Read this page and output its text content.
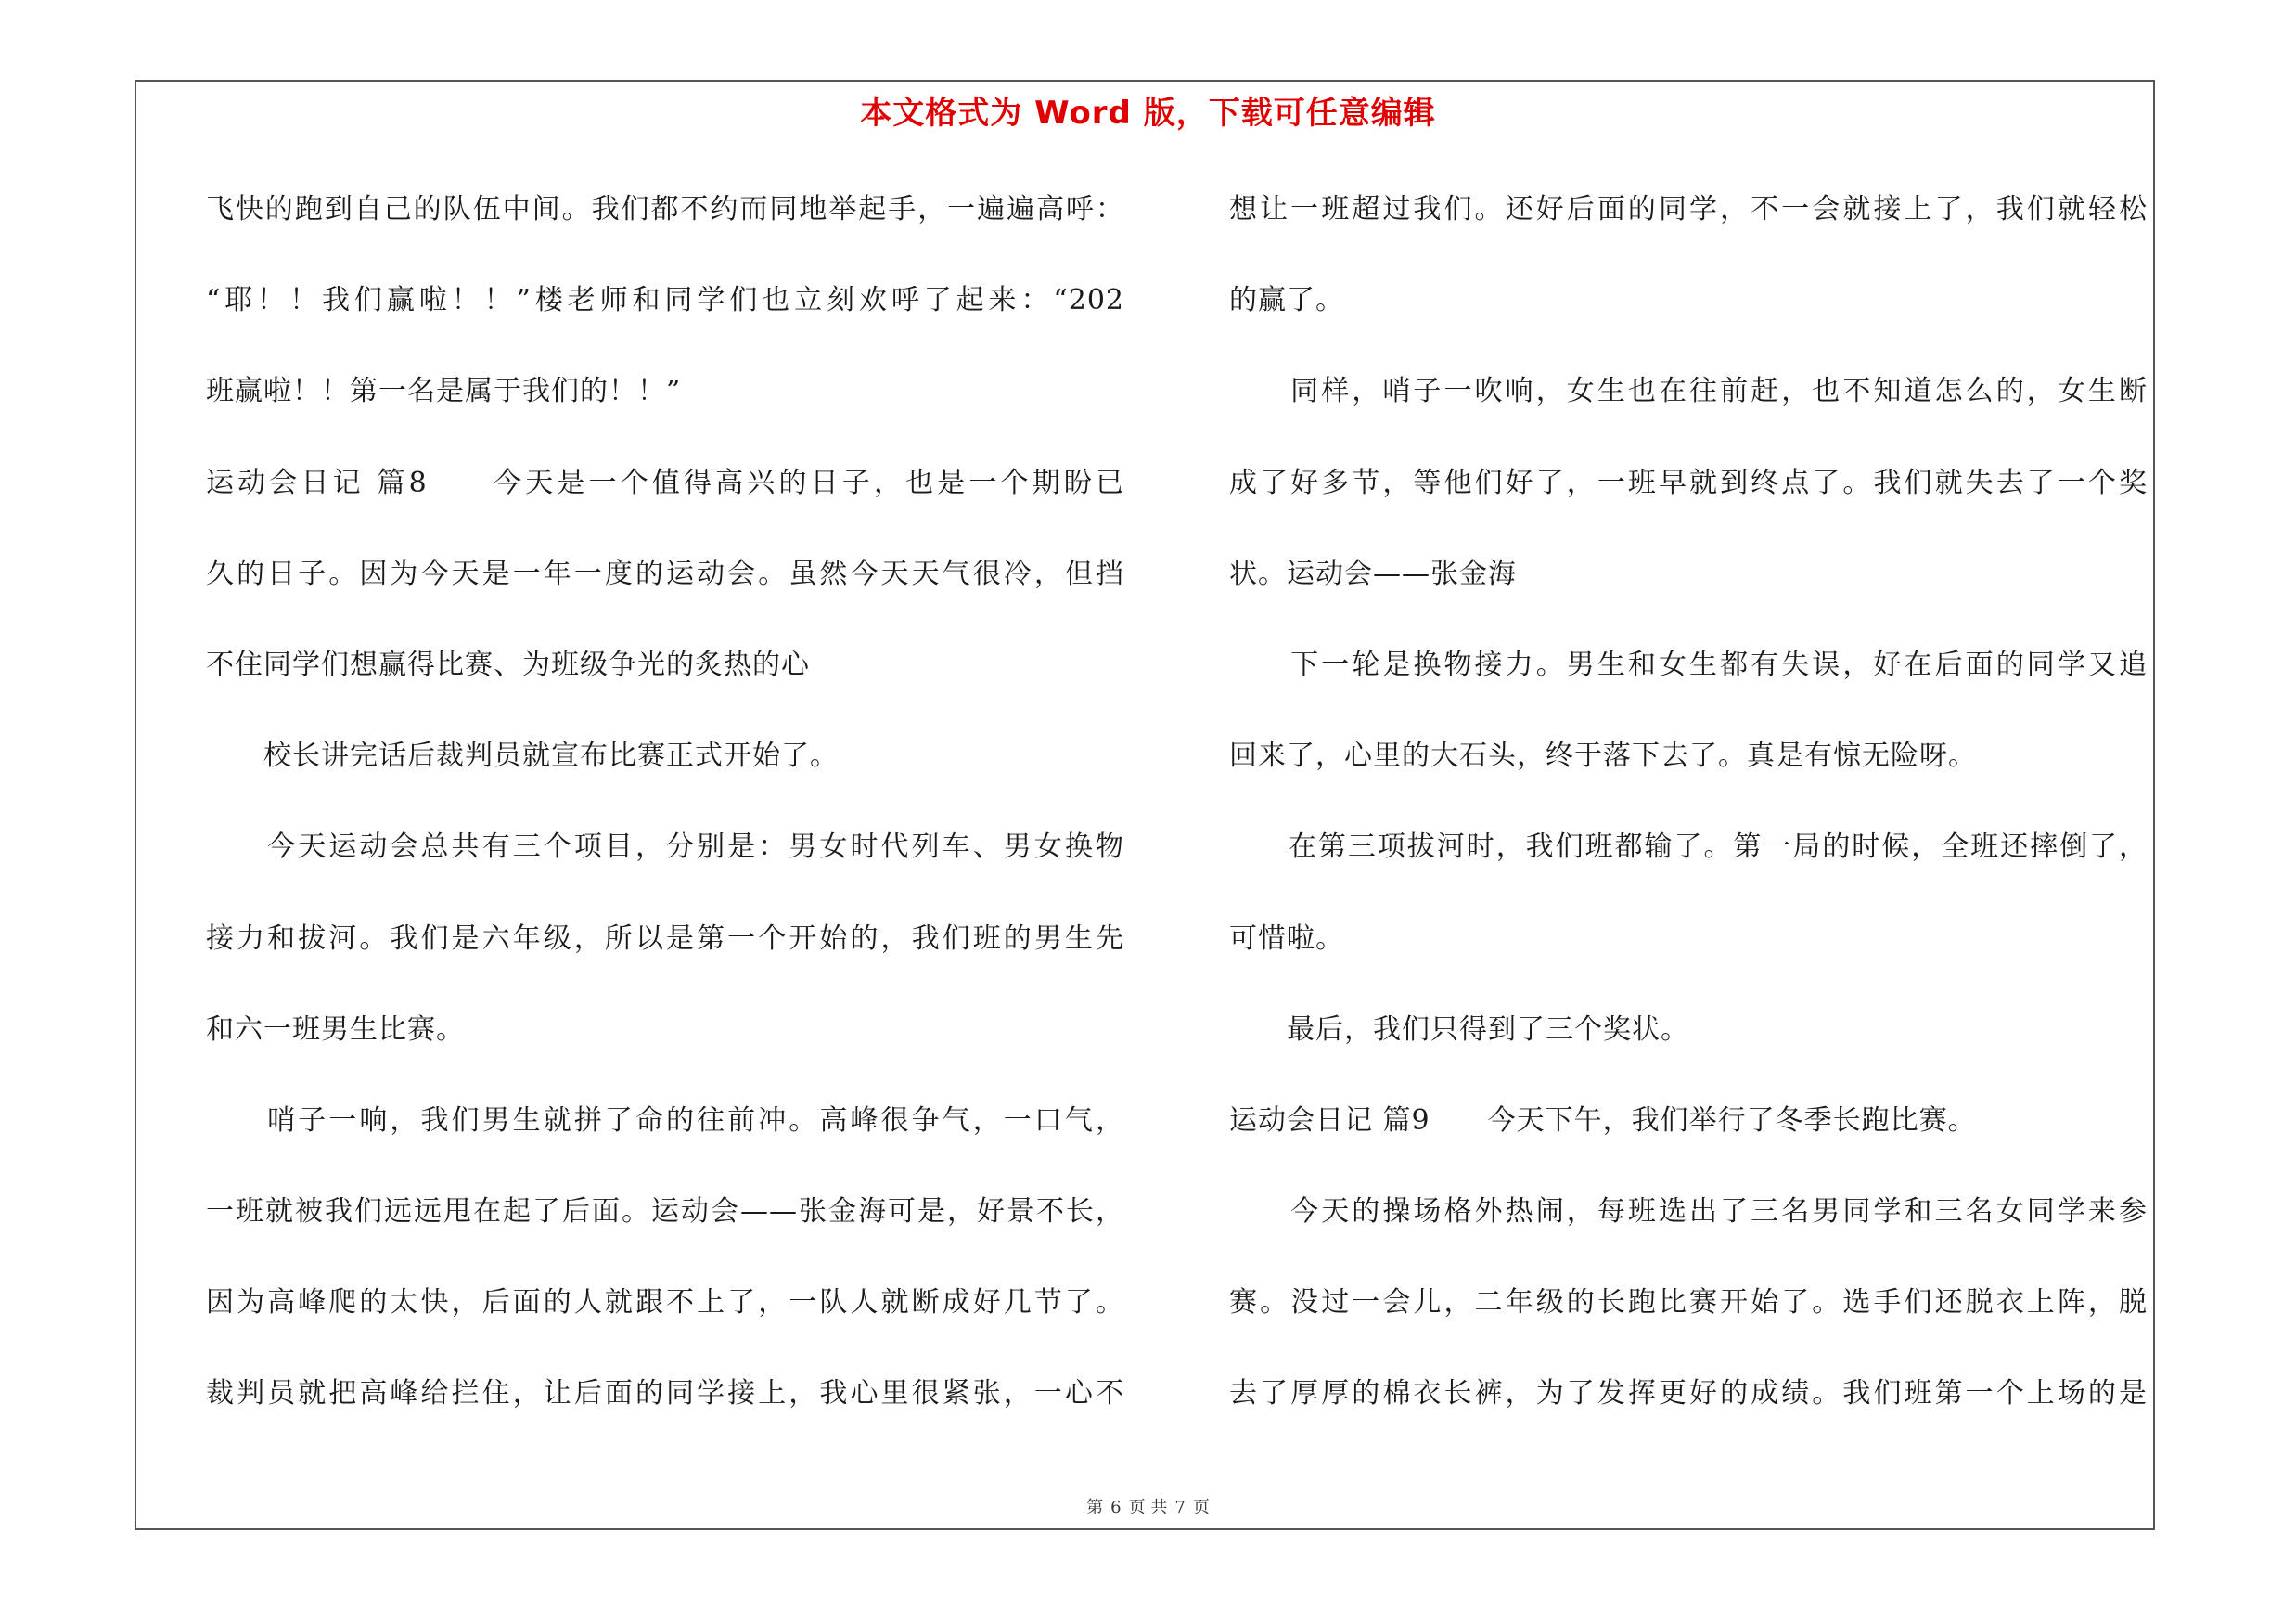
本文格式为 Word 版，下载可任意编辑
飞快的跑到自己的队伍中间。我们都不约而同地举起手，一遍遍高呼：
“耶！！我们赢啦！！”楼老师和同学们也立刻欢呼了起来：“202
班赢啦！！第一名是属于我们的！！”
运动会日记 篇8　　今天是一个值得高兴的日子，也是一个期盼已
久的日子。因为今天是一年一度的运动会。虽然今天天气很冷，但挡
不住同学们想赢得比赛、为班级争光的炙热的心
　　校长讲完话后裁判员就宣布比赛正式开始了。
　　今天运动会总共有三个项目，分别是：男女时代列车、男女换物
接力和拔河。我们是六年级，所以是第一个开始的，我们班的男生先
和六一班男生比赛。
　　哨子一响，我们男生就拼了命的往前冲。高峰很争气，一口气，
一班就被我们远远甩在起了后面。运动会——张金海可是，好景不长，
因为高峰爬的太快，后面的人就跟不上了，一队人就断成好几节了。
裁判员就把高峰给拦住，让后面的同学接上，我心里很紧张，一心不
想让一班超过我们。还好后面的同学，不一会就接上了，我们就轻松
的赢了。
　　同样，哨子一吹响，女生也在往前赶，也不知道怎么的，女生断
成了好多节，等他们好了，一班早就到终点了。我们就失去了一个奖
状。运动会——张金海
　　下一轮是换物接力。男生和女生都有失误，好在后面的同学又追
回来了，心里的大石头，终于落下去了。真是有惊无险呀。
　　在第三项拔河时，我们班都输了。第一局的时候，全班还摔倒了，
可惜啦。
　　最后，我们只得到了三个奖状。
运动会日记 篇9　　今天下午，我们举行了冬季长跑比赛。
　　今天的操场格外热闹，每班选出了三名男同学和三名女同学来参
赛。没过一会儿，二年级的长跑比赛开始了。选手们还脱衣上阵，脱
去了厚厚的棉衣长裤，为了发挥更好的成绩。我们班第一个上场的是
第 6 页 共 7 页
